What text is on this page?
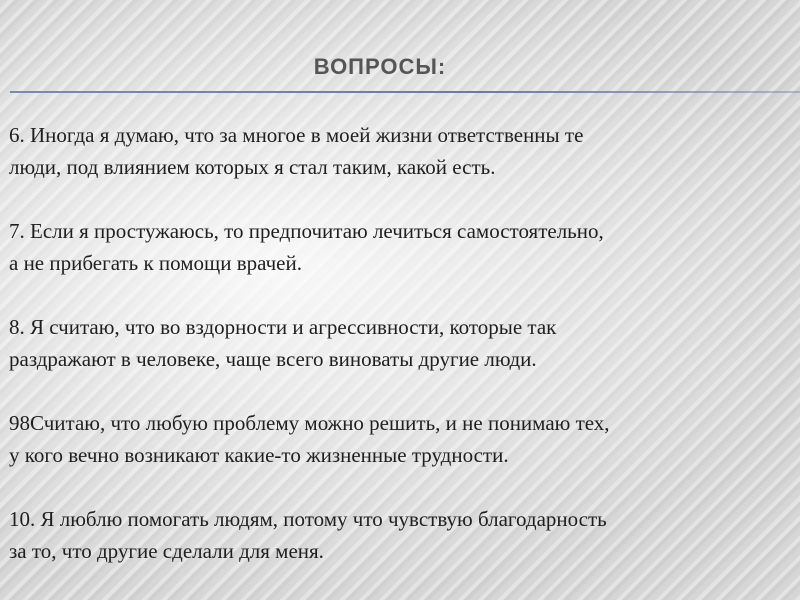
ВОПРОСЫ:
6. Иногда я думаю, что за многое в моей жизни ответственны те
люди, под влиянием которых я стал таким, какой есть.
7. Если я простужаюсь, то предпочитаю лечиться самостоятельно,
а не прибегать к помощи врачей.
8. Я считаю, что во вздорности и агрессивности, которые так
раздражают в человеке, чаще всего виноваты другие люди.
98Считаю, что любую проблему можно решить, и не понимаю тех,
у кого вечно возникают какие-то жизненные трудности.
10. Я люблю помогать людям, потому что чувствую благодарность
за то, что другие сделали для меня.
